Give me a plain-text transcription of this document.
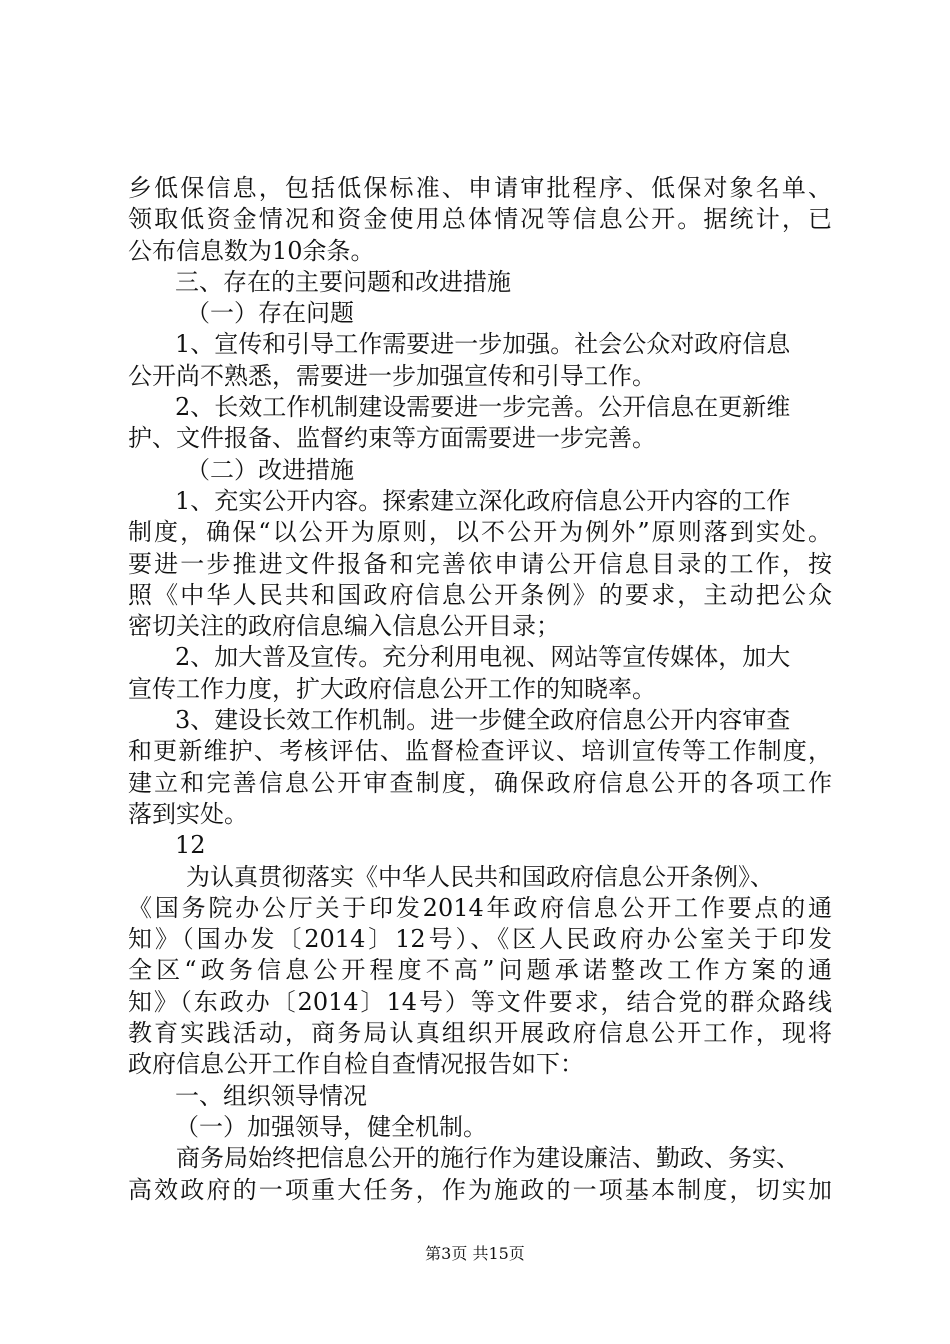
乡低保信息，包括低保标准、申请审批程序、低保对象名单、
领取低资金情况和资金使用总体情况等信息公开。据统计，已
公布信息数为10余条。
三、存在的主要问题和改进措施
（一）存在问题
1、宣传和引导工作需要进一步加强。社会公众对政府信息
公开尚不熟悉，需要进一步加强宣传和引导工作。
2、长效工作机制建设需要进一步完善。公开信息在更新维
护、文件报备、监督约束等方面需要进一步完善。
（二）改进措施
1、充实公开内容。探索建立深化政府信息公开内容的工作
制度，确保“以公开为原则，以不公开为例外”原则落到实处。
要进一步推进文件报备和完善依申请公开信息目录的工作，按
照《中华人民共和国政府信息公开条例》的要求，主动把公众
密切关注的政府信息编入信息公开目录；
2、加大普及宣传。充分利用电视、网站等宣传媒体，加大
宣传工作力度，扩大政府信息公开工作的知晓率。
3、建设长效工作机制。进一步健全政府信息公开内容审查
和更新维护、考核评估、监督检查评议、培训宣传等工作制度，
建立和完善信息公开审查制度，确保政府信息公开的各项工作
落到实处。
12
为认真贯彻落实《中华人民共和国政府信息公开条例》、
《国务院办公厅关于印发2014年政府信息公开工作要点的通
知》（国办发〔2014〕12号）、《区人民政府办公室关于印发
全区“政务信息公开程度不高”问题承诺整改工作方案的通
知》（东政办〔2014〕14号）等文件要求，结合党的群众路线
教育实践活动，商务局认真组织开展政府信息公开工作，现将
政府信息公开工作自检自查情况报告如下：
一、组织领导情况
（一）加强领导，健全机制。
商务局始终把信息公开的施行作为建设廉洁、勤政、务实、
高效政府的一项重大任务，作为施政的一项基本制度，切实加
第3页 共15页
